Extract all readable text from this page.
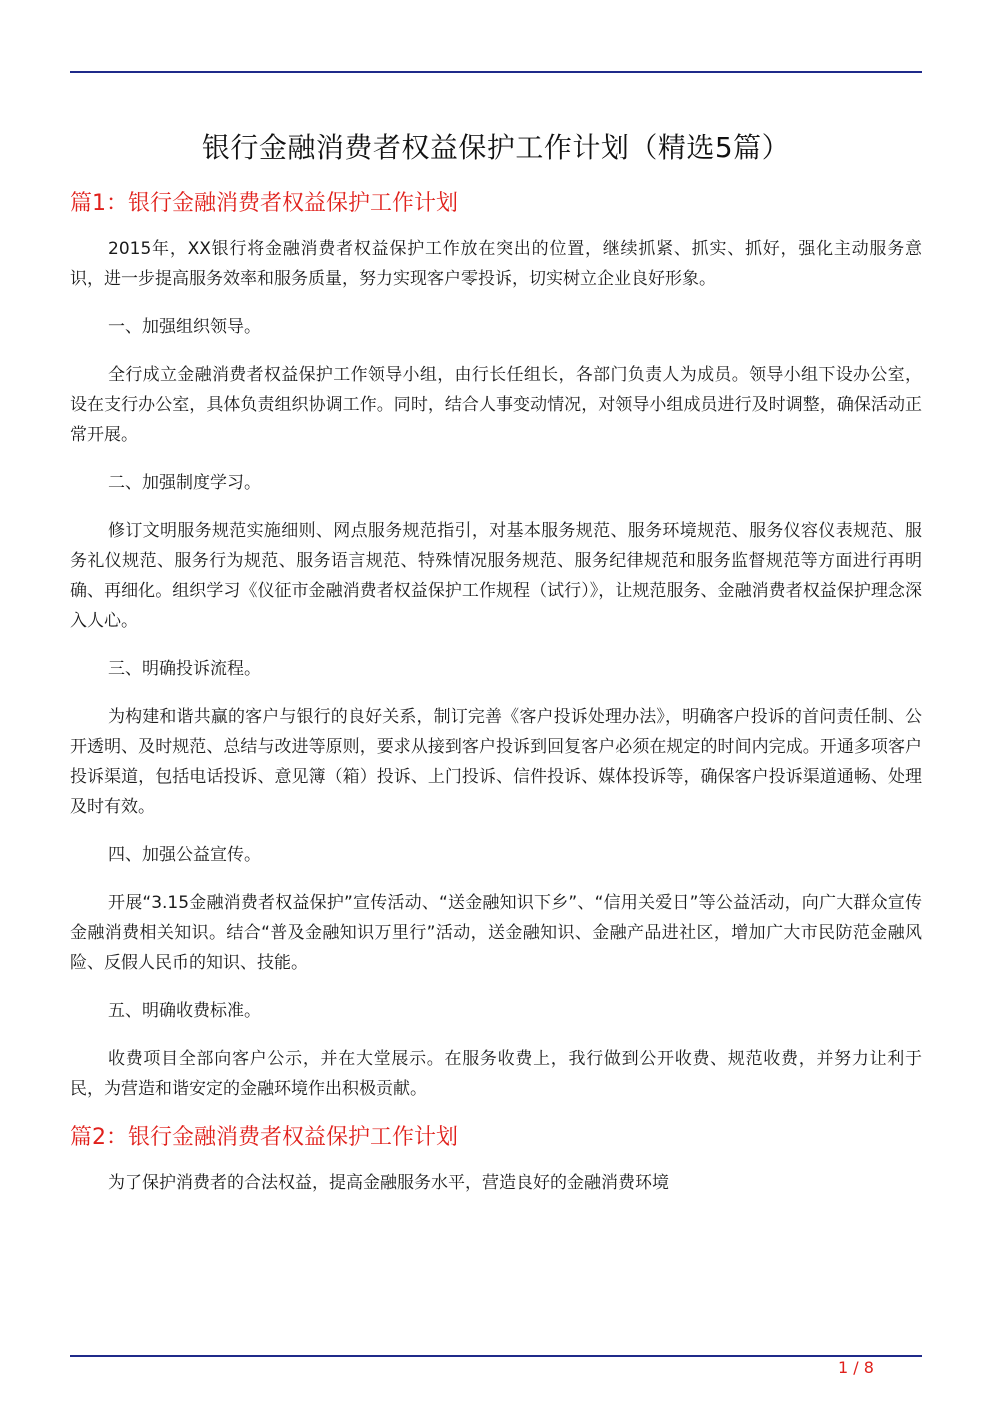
银行金融消费者权益保护工作计划（精选5篇）
篇1：银行金融消费者权益保护工作计划

2015年，XX银行将金融消费者权益保护工作放在突出的位置，继续抓紧、抓实、抓好，强化主动服务意识，进一步提高服务效率和服务质量，努力实现客户零投诉，切实树立企业良好形象。

一、加强组织领导。

全行成立金融消费者权益保护工作领导小组，由行长任组长，各部门负责人为成员。领导小组下设办公室，设在支行办公室，具体负责组织协调工作。同时，结合人事变动情况，对领导小组成员进行及时调整，确保活动正常开展。

二、加强制度学习。

修订文明服务规范实施细则、网点服务规范指引，对基本服务规范、服务环境规范、服务仪容仪表规范、服务礼仪规范、服务行为规范、服务语言规范、特殊情况服务规范、服务纪律规范和服务监督规范等方面进行再明确、再细化。组织学习《仪征市金融消费者权益保护工作规程（试行）》，让规范服务、金融消费者权益保护理念深入人心。

三、明确投诉流程。

为构建和谐共赢的客户与银行的良好关系，制订完善《客户投诉处理办法》，明确客户投诉的首问责任制、公开透明、及时规范、总结与改进等原则，要求从接到客户投诉到回复客户必须在规定的时间内完成。开通多项客户投诉渠道，包括电话投诉、意见簿（箱）投诉、上门投诉、信件投诉、媒体投诉等，确保客户投诉渠道通畅、处理及时有效。

四、加强公益宣传。

开展“3.15金融消费者权益保护”宣传活动、“送金融知识下乡”、“信用关爱日”等公益活动，向广大群众宣传金融消费相关知识。结合“普及金融知识万里行”活动，送金融知识、金融产品进社区，增加广大市民防范金融风险、反假人民币的知识、技能。

五、明确收费标准。

收费项目全部向客户公示，并在大堂展示。在服务收费上，我行做到公开收费、规范收费，并努力让利于民，为营造和谐安定的金融环境作出积极贡献。

篇2：银行金融消费者权益保护工作计划

为了保护消费者的合法权益，提高金融服务水平，营造良好的金融消费环境

1 / 8
